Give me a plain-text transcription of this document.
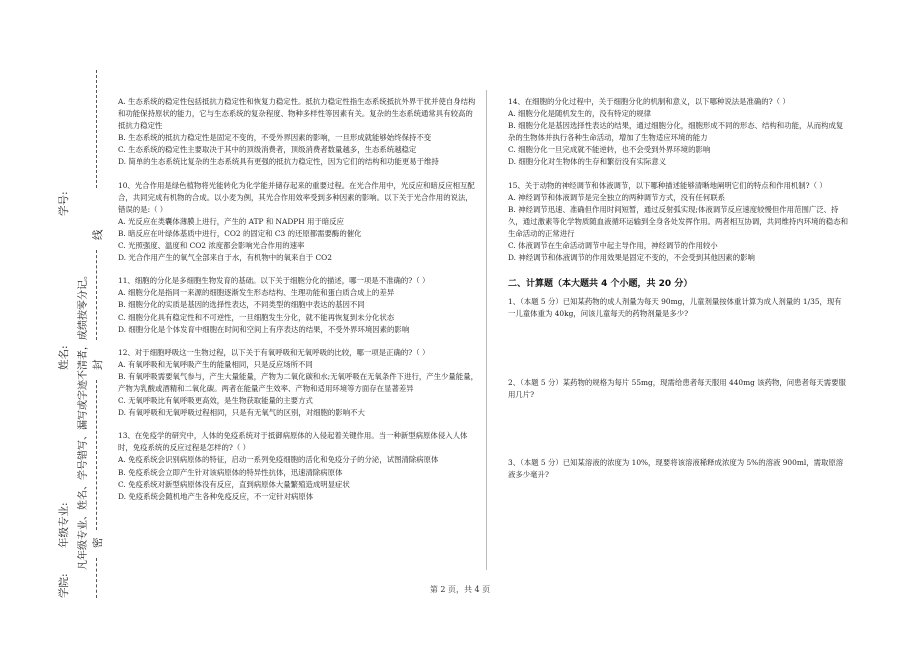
学号:
姓名:
年级专业:
学院:
凡年级专业、姓名、学号错写、漏写或字迹不清者，成绩按零分记。
线
封
密

A. 生态系统的稳定性包括抵抗力稳定性和恢复力稳定性。抵抗力稳定性指生态系统抵抗外界干扰并使自身结构和功能保持原状的能力，它与生态系统的复杂程度、物种多样性等因素有关。复杂的生态系统通常具有较高的抵抗力稳定性

B. 生态系统的抵抗力稳定性是固定不变的，不受外界因素的影响，一旦形成就能够始终保持不变

C. 生态系统的稳定性主要取决于其中的顶级消费者，顶级消费者数量越多，生态系统越稳定

D. 简单的生态系统比复杂的生态系统具有更强的抵抗力稳定性，因为它们的结构和功能更易于维持

10、光合作用是绿色植物将光能转化为化学能并储存起来的重要过程。在光合作用中，光反应和暗反应相互配合，共同完成有机物的合成。以小麦为例，其光合作用效率受到多种因素的影响。以下关于光合作用的说法，错误的是:（ ）

A. 光反应在类囊体薄膜上进行，产生的 ATP 和 NADPH 用于暗反应

B. 暗反应在叶绿体基质中进行，CO2 的固定和 C3 的还原都需要酶的催化

C. 光照强度、温度和 CO2 浓度都会影响光合作用的速率

D. 光合作用产生的氧气全部来自于水，有机物中的氧来自于 CO2

11、细胞的分化是多细胞生物发育的基础。以下关于细胞分化的描述，哪一项是不准确的?（ ）

A. 细胞分化是指同一来源的细胞逐渐发生形态结构、生理功能和蛋白质合成上的差异

B. 细胞分化的实质是基因的选择性表达，不同类型的细胞中表达的基因不同

C. 细胞分化具有稳定性和不可逆性，一旦细胞发生分化，就不能再恢复到未分化状态

D. 细胞分化是个体发育中细胞在时间和空间上有序表达的结果，不受外界环境因素的影响

12、对于细胞呼吸这一生物过程，以下关于有氧呼吸和无氧呼吸的比较，哪一项是正确的?（ ）

A. 有氧呼吸和无氧呼吸产生的能量相同，只是反应场所不同

B. 有氧呼吸需要氧气参与，产生大量能量，产物为二氧化碳和水;无氧呼吸在无氧条件下进行，产生少量能量，产物为乳酸或酒精和二氧化碳。两者在能量产生效率、产物和适用环境等方面存在显著差异

C. 无氧呼吸比有氧呼吸更高效，是生物获取能量的主要方式

D. 有氧呼吸和无氧呼吸过程相同，只是有无氧气的区别，对细胞的影响不大

13、在免疫学的研究中，人体的免疫系统对于抵御病原体的入侵起着关键作用。当一种新型病原体侵入人体时，免疫系统的反应过程是怎样的?（ ）

A. 免疫系统会识别病原体的特征，启动一系列免疫细胞的活化和免疫分子的分泌，试图清除病原体

B. 免疫系统会立即产生针对该病原体的特异性抗体，迅速清除病原体

C. 免疫系统对新型病原体没有反应，直到病原体大量繁殖造成明显症状

D. 免疫系统会随机地产生各种免疫反应，不一定针对病原体

14、在细胞的分化过程中，关于细胞分化的机制和意义，以下哪种说法是准确的?（ ）

A. 细胞分化是随机发生的，没有特定的规律

B. 细胞分化是基因选择性表达的结果，通过细胞分化，细胞形成不同的形态、结构和功能，从而构成复杂的生物体并执行各种生命活动，增加了生物适应环境的能力

C. 细胞分化一旦完成就不能逆转，也不会受到外界环境的影响

D. 细胞分化对生物体的生存和繁衍没有实际意义

15、关于动物的神经调节和体液调节，以下哪种描述能够清晰地阐明它们的特点和作用机制?（ ）

A. 神经调节和体液调节是完全独立的两种调节方式，没有任何联系

B. 神经调节迅速、准确但作用时间短暂，通过反射弧实现;体液调节反应速度较慢但作用范围广泛、持久，通过激素等化学物质随血液循环运输到全身各处发挥作用。两者相互协调，共同维持内环境的稳态和生命活动的正常进行

C. 体液调节在生命活动调节中起主导作用，神经调节的作用较小

D. 神经调节和体液调节的作用效果是固定不变的，不会受到其他因素的影响

二、计算题（本大题共 4 个小题，共 20 分）
1、（本题 5 分）已知某药物的成人剂量为每天 90mg，儿童剂量按体重计算为成人剂量的 1/35，现有一儿童体重为 40kg，问该儿童每天的药物剂量是多少?
2、（本题 5 分）某药物的规格为每片 55mg，现需给患者每天服用 440mg 该药物，问患者每天需要服用几片?
3、（本题 5 分）已知某溶液的浓度为 10%，现要将该溶液稀释成浓度为 5%的溶液 900ml，需取原溶液多少毫升?
第 2 页，共 4 页
